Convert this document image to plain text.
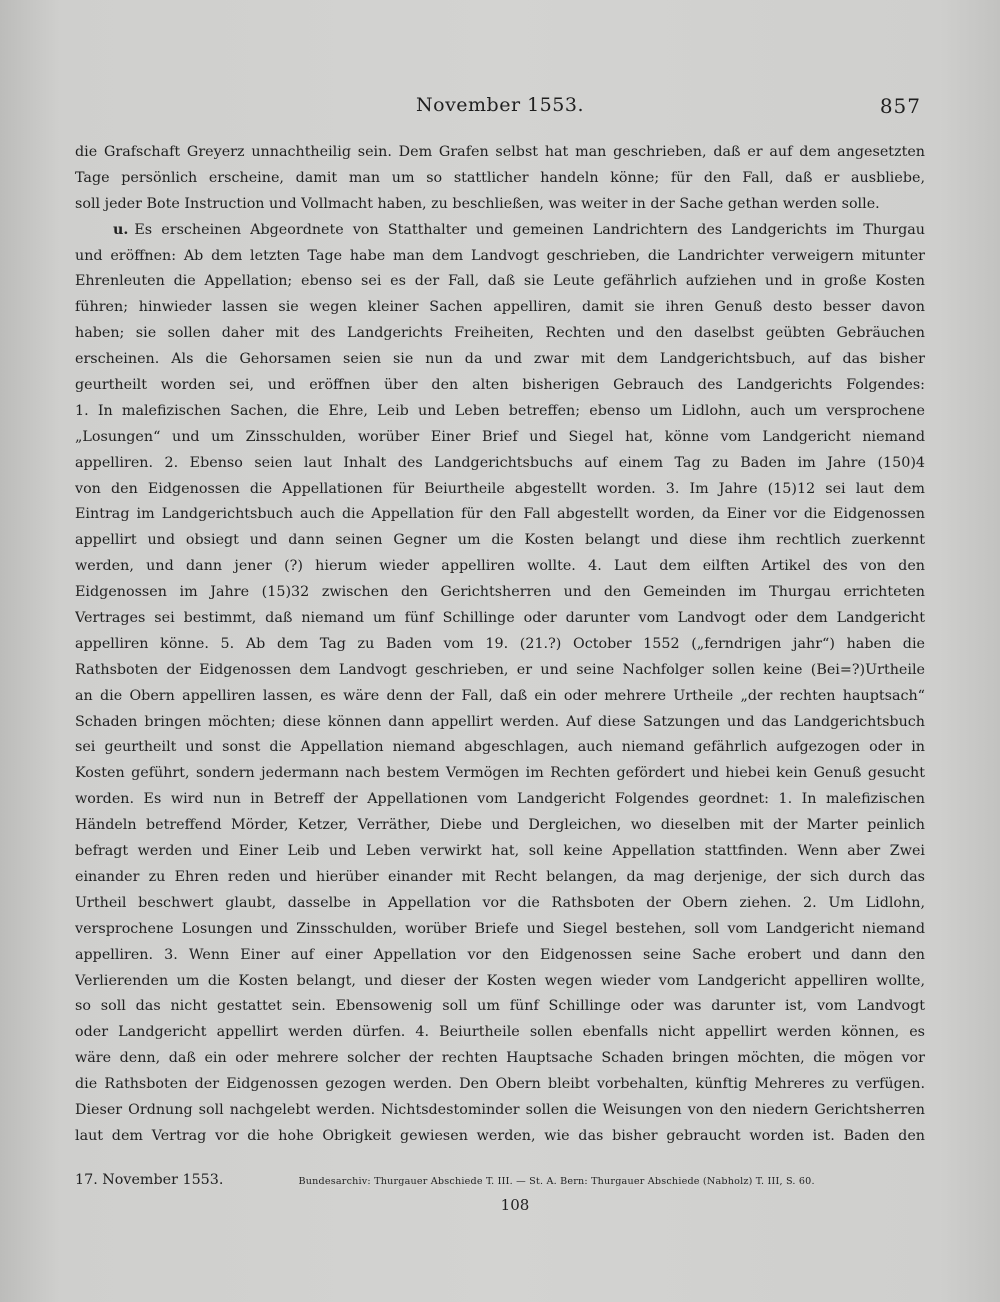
November 1553.	857
die Grafschaft Greyerz unnachtheilig sein. Dem Grafen selbst hat man geschrieben, daß er auf dem angesetzten
Tage persönlich erscheine, damit man um so stattlicher handeln könne; für den Fall, daß er ausbliebe,
soll jeder Bote Instruction und Vollmacht haben, zu beschließen, was weiter in der Sache gethan werden solle.
u. Es erscheinen Abgeordnete von Statthalter und gemeinen Landrichtern des Landgerichts im Thurgau
und eröffnen: Ab dem letzten Tage habe man dem Landvogt geschrieben, die Landrichter verweigern mitunter
Ehrenleuten die Appellation; ebenso sei es der Fall, daß sie Leute gefährlich aufziehen und in große Kosten
führen; hinwieder lassen sie wegen kleiner Sachen appelliren, damit sie ihren Genuß desto besser davon
haben; sie sollen daher mit des Landgerichts Freiheiten, Rechten und den daselbst geübten Gebräuchen
erscheinen. Als die Gehorsamen seien sie nun da und zwar mit dem Landgerichtsbuch, auf das bisher
geurtheilt worden sei, und eröffnen über den alten bisherigen Gebrauch des Landgerichts Folgendes:
1. In malefizischen Sachen, die Ehre, Leib und Leben betreffen; ebenso um Lidlohn, auch um versprochene
„Losungen“ und um Zinsschulden, worüber Einer Brief und Siegel hat, könne vom Landgericht niemand
appelliren. 2. Ebenso seien laut Inhalt des Landgerichtsbuchs auf einem Tag zu Baden im Jahre (150)4
von den Eidgenossen die Appellationen für Beiurtheile abgestellt worden. 3. Im Jahre (15)12 sei laut dem
Eintrag im Landgerichtsbuch auch die Appellation für den Fall abgestellt worden, da Einer vor die Eidgenossen
appellirt und obsiegt und dann seinen Gegner um die Kosten belangt und diese ihm rechtlich zuerkennt
werden, und dann jener (?) hierum wieder appelliren wollte. 4. Laut dem eilften Artikel des von den
Eidgenossen im Jahre (15)32 zwischen den Gerichtsherren und den Gemeinden im Thurgau errichteten
Vertrages sei bestimmt, daß niemand um fünf Schillinge oder darunter vom Landvogt oder dem Landgericht
appelliren könne. 5. Ab dem Tag zu Baden vom 19. (21.?) October 1552 („ferndrigen jahr“) haben die
Rathsboten der Eidgenossen dem Landvogt geschrieben, er und seine Nachfolger sollen keine (Bei=?)Urtheile
an die Obern appelliren lassen, es wäre denn der Fall, daß ein oder mehrere Urtheile „der rechten hauptsach“
Schaden bringen möchten; diese können dann appellirt werden. Auf diese Satzungen und das Landgerichtsbuch
sei geurtheilt und sonst die Appellation niemand abgeschlagen, auch niemand gefährlich aufgezogen oder in
Kosten geführt, sondern jedermann nach bestem Vermögen im Rechten gefördert und hiebei kein Genuß gesucht
worden. Es wird nun in Betreff der Appellationen vom Landgericht Folgendes geordnet: 1. In malefizischen
Händeln betreffend Mörder, Ketzer, Verräther, Diebe und Dergleichen, wo dieselben mit der Marter peinlich
befragt werden und Einer Leib und Leben verwirkt hat, soll keine Appellation stattfinden. Wenn aber Zwei
einander zu Ehren reden und hierüber einander mit Recht belangen, da mag derjenige, der sich durch das
Urtheil beschwert glaubt, dasselbe in Appellation vor die Rathsboten der Obern ziehen. 2. Um Lidlohn,
versprochene Losungen und Zinsschulden, worüber Briefe und Siegel bestehen, soll vom Landgericht niemand
appelliren. 3. Wenn Einer auf einer Appellation vor den Eidgenossen seine Sache erobert und dann den
Verlierenden um die Kosten belangt, und dieser der Kosten wegen wieder vom Landgericht appelliren wollte,
so soll das nicht gestattet sein. Ebensowenig soll um fünf Schillinge oder was darunter ist, vom Landvogt
oder Landgericht appellirt werden dürfen. 4. Beiurtheile sollen ebenfalls nicht appellirt werden können, es
wäre denn, daß ein oder mehrere solcher der rechten Hauptsache Schaden bringen möchten, die mögen vor
die Rathsboten der Eidgenossen gezogen werden. Den Obern bleibt vorbehalten, künftig Mehreres zu verfügen.
Dieser Ordnung soll nachgelebt werden. Nichtsdestominder sollen die Weisungen von den niedern Gerichtsherren
laut dem Vertrag vor die hohe Obrigkeit gewiesen werden, wie das bisher gebraucht worden ist. Baden den
17. November 1553.	Bundesarchiv: Thurgauer Abschiede T. III. — St. A. Bern: Thurgauer Abschiede (Nabholz) T. III, S. 60.
108
